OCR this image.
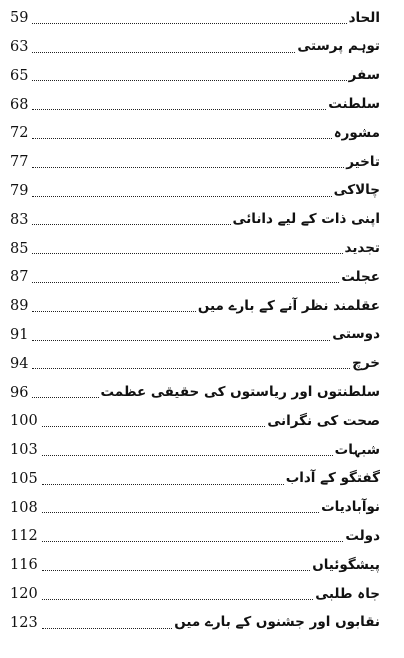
59	الحاد
63	توہم پرستی
65	سفر
68	سلطنت
72	مشورہ
77	تاخیر
79	چالاکی
83	اپنی ذات کے لیے دانائی
85	تجدید
87	عجلت
89	عقلمند نظر آنے کے بارے میں
91	دوستی
94	خرچ
96	سلطنتوں اور ریاستوں کی حقیقی عظمت
100	صحت کی نگرانی
103	شبہات
105	گفتگو کے آداب
108	نوآبادیات
112	دولت
116	پیشگوئیاں
120	جاہ طلبی
123	نقابوں اور جشنوں کے بارے میں
